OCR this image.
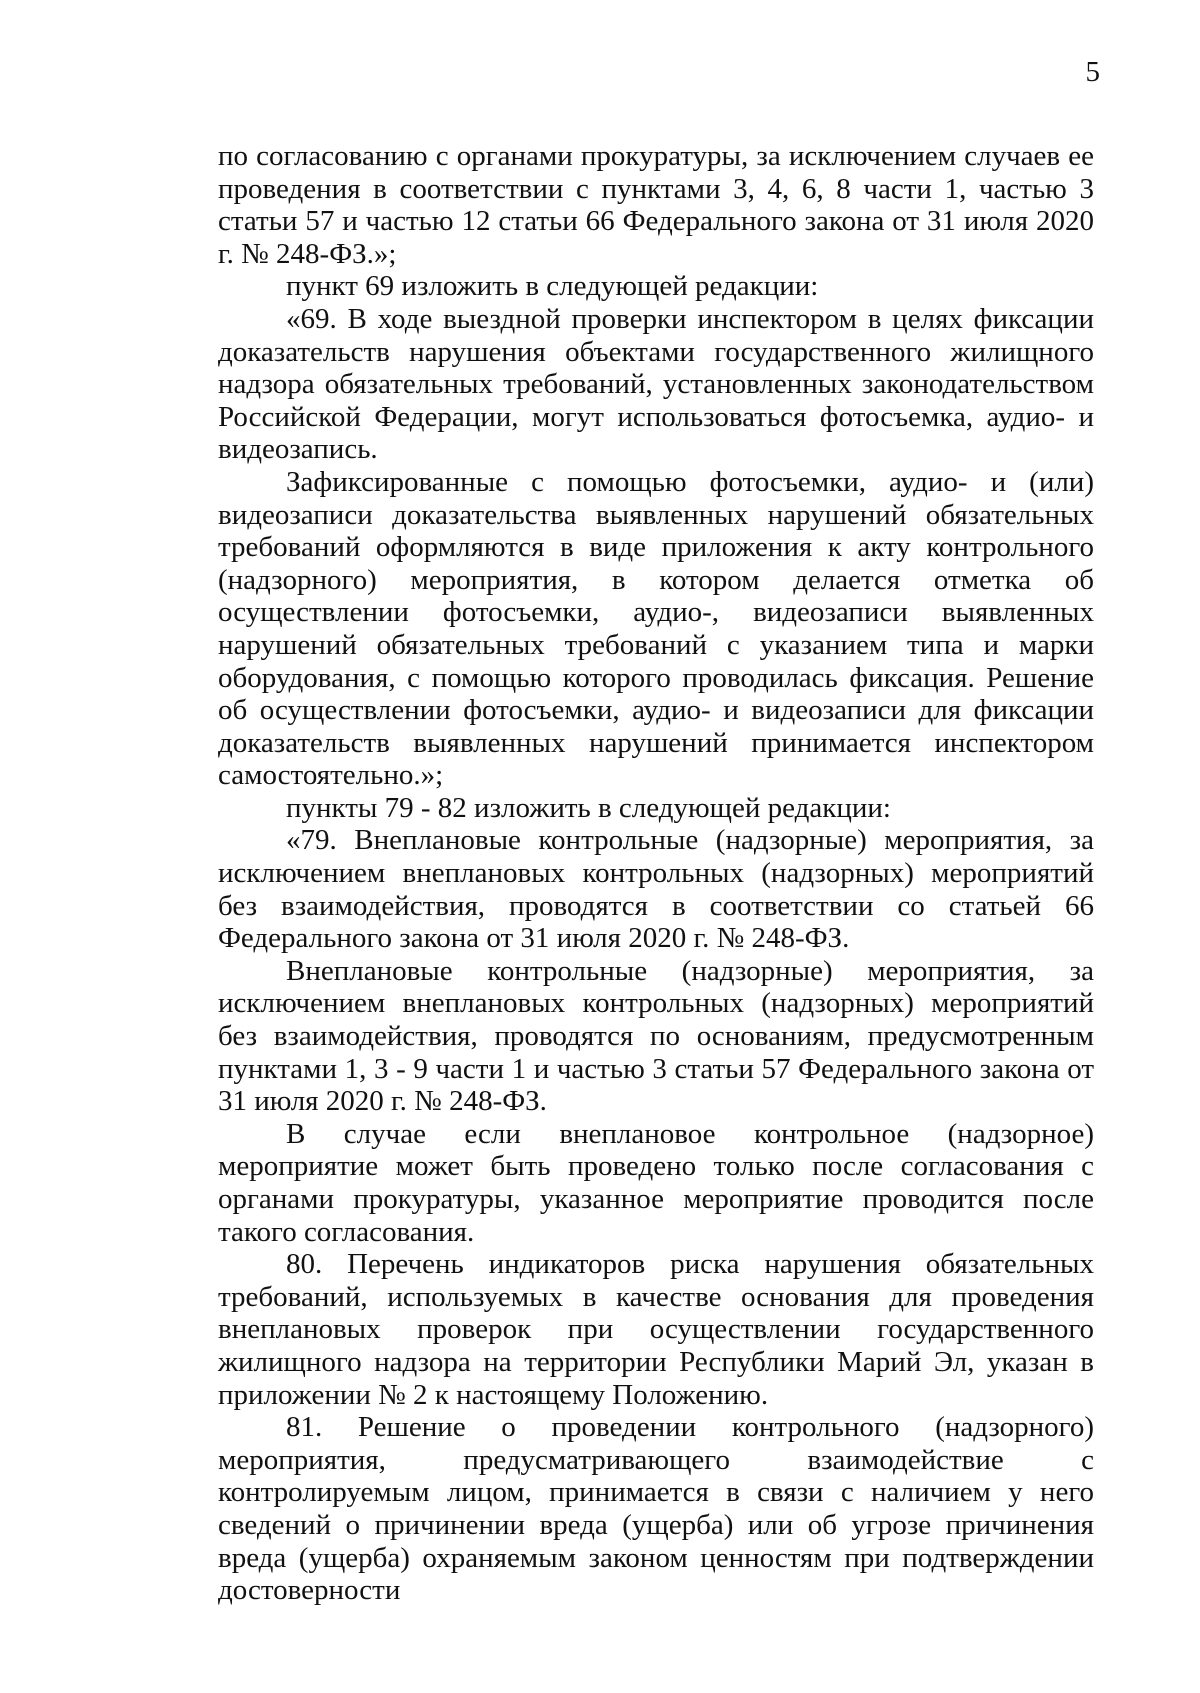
5

по согласованию с органами прокуратуры, за исключением случаев ее проведения в соответствии с пунктами 3, 4, 6, 8 части 1, частью 3 статьи 57 и частью 12 статьи 66 Федерального закона от 31 июля 2020 г. № 248-ФЗ.»;

пункт 69 изложить в следующей редакции:

«69. В ходе выездной проверки инспектором в целях фиксации доказательств нарушения объектами государственного жилищного надзора обязательных требований, установленных законодательством Российской Федерации, могут использоваться фотосъемка, аудио- и видеозапись.

Зафиксированные с помощью фотосъемки, аудио- и (или) видеозаписи доказательства выявленных нарушений обязательных требований оформляются в виде приложения к акту контрольного (надзорного) мероприятия, в котором делается отметка об осуществлении фотосъемки, аудио-, видеозаписи выявленных нарушений обязательных требований с указанием типа и марки оборудования, с помощью которого проводилась фиксация. Решение об осуществлении фотосъемки, аудио- и видеозаписи для фиксации доказательств выявленных нарушений принимается инспектором самостоятельно.»;

пункты 79 - 82 изложить в следующей редакции:

«79. Внеплановые контрольные (надзорные) мероприятия, за исключением внеплановых контрольных (надзорных) мероприятий без взаимодействия, проводятся в соответствии со статьей 66 Федерального закона от 31 июля 2020 г. № 248-ФЗ.

Внеплановые контрольные (надзорные) мероприятия, за исключением внеплановых контрольных (надзорных) мероприятий без взаимодействия, проводятся по основаниям, предусмотренным пунктами 1, 3 - 9 части 1 и частью 3 статьи 57 Федерального закона от 31 июля 2020 г. № 248-ФЗ.

В случае если внеплановое контрольное (надзорное) мероприятие может быть проведено только после согласования с органами прокуратуры, указанное мероприятие проводится после такого согласования.

80. Перечень индикаторов риска нарушения обязательных требований, используемых в качестве основания для проведения внеплановых проверок при осуществлении государственного жилищного надзора на территории Республики Марий Эл, указан в приложении № 2 к настоящему Положению.

81. Решение о проведении контрольного (надзорного) мероприятия, предусматривающего взаимодействие с контролируемым лицом, принимается в связи с наличием у него сведений о причинении вреда (ущерба) или об угрозе причинения вреда (ущерба) охраняемым законом ценностям при подтверждении достоверности
